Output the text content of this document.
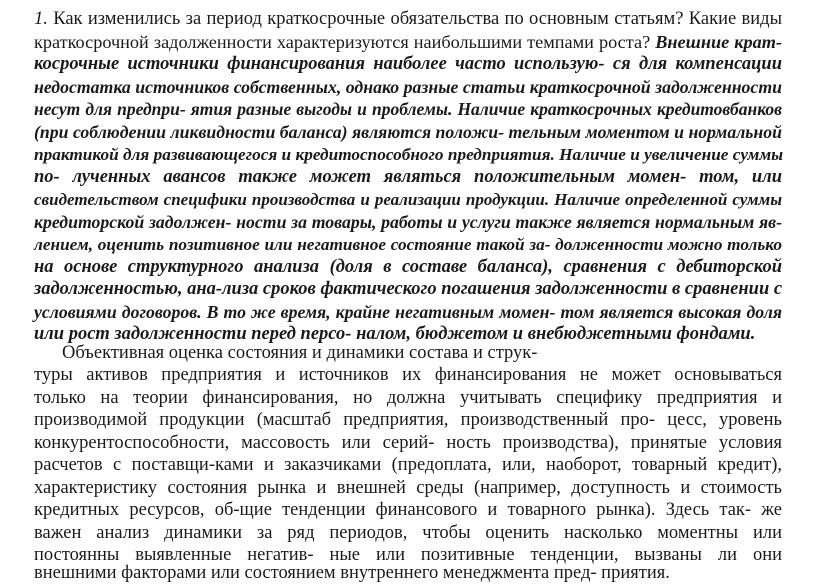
1. Как изменились за период краткосрочные обязательства по основным статьям? Какие виды
краткосрочной задолженности характеризуются наибольшими темпами роста? Внешние крат-
косрочные источники финансирования наиболее часто использую- ся для компенсации
недостатка источников собственных, однако разные статьи краткосрочной задолженности
несут для предпри- ятия разные выгоды и проблемы. Наличие краткосрочных кредитовбанков
(при соблюдении ликвидности баланса) являются положи- тельным моментом и нормальной
практикой для развивающегося и кредитоспособного предприятия. Наличие и увеличение суммы
по- лученных авансов также может являться положительным момен- том, или
свидетельством специфики производства и реализации продукции. Наличие определенной суммы
кредиторской задолжен- ности за товары, работы и услуги также является нормальным яв-
лением, оценить позитивное или негативное состояние такой за- долженности можно только
на основе структурного анализа (доля в составе баланса), сравнения с дебиторской
задолженностью, ана-лиза сроков фактического погашения задолженности в сравнении с
условиями договоров. В то же время, крайне негативным момен- том является высокая доля
или рост задолженности перед персо- налом, бюджетом и внебюджетными фондами.
Объективная оценка состояния и динамики состава и струк-
туры активов предприятия и источников их финансирования не может основываться
только на теории финансирования, но должна учитывать специфику предприятия и
производимой продукции (масштаб предприятия, производственный про- цесс, уровень
конкурентоспособности, массовость или серий- ность производства), принятые условия
расчетов с поставщи-ками и заказчиками (предоплата, или, наоборот, товарный кредит),
характеристику состояния рынка и внешней среды (например, доступность и стоимость
кредитных ресурсов, об-щие тенденции финансового и товарного рынка). Здесь так- же
важен анализ динамики за ряд периодов, чтобы оценить насколько моментны или
постоянны выявленные негатив- ные или позитивные тенденции, вызваны ли они
внешними факторами или состоянием внутреннего менеджмента пред- приятия.
